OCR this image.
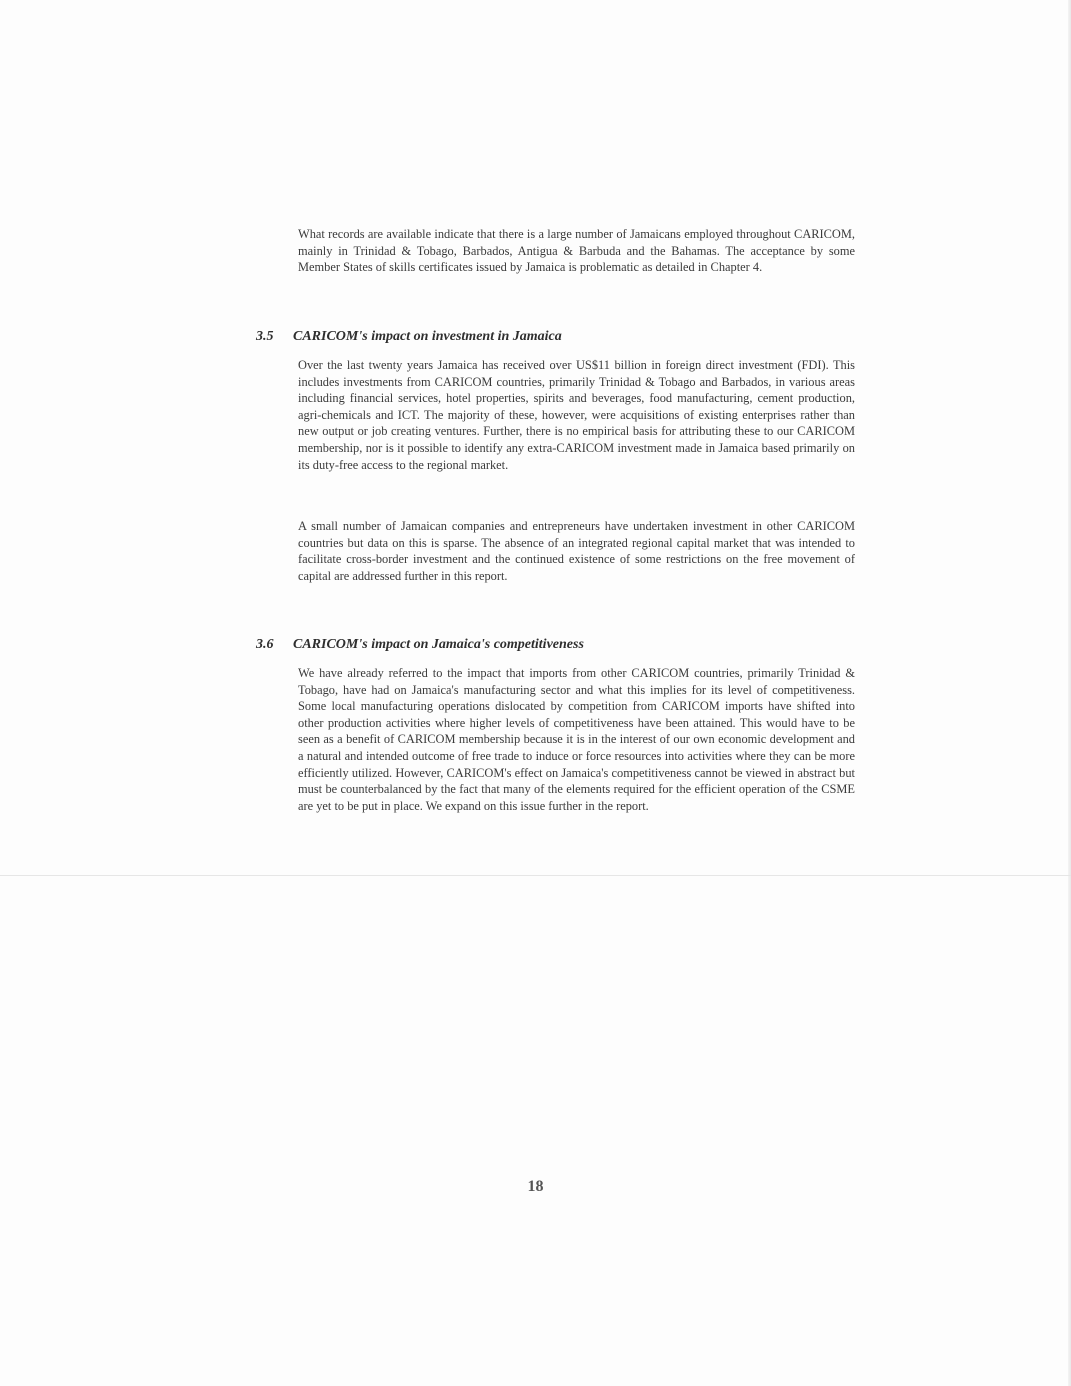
What records are available indicate that there is a large number of Jamaicans employed throughout CARICOM, mainly in Trinidad & Tobago, Barbados, Antigua & Barbuda and the Bahamas. The acceptance by some Member States of skills certificates issued by Jamaica is problematic as detailed in Chapter 4.

3.5 CARICOM's impact on investment in Jamaica

Over the last twenty years Jamaica has received over US$11 billion in foreign direct investment (FDI). This includes investments from CARICOM countries, primarily Trinidad & Tobago and Barbados, in various areas including financial services, hotel properties, spirits and beverages, food manufacturing, cement production, agri-chemicals and ICT. The majority of these, however, were acquisitions of existing enterprises rather than new output or job creating ventures. Further, there is no empirical basis for attributing these to our CARICOM membership, nor is it possible to identify any extra-CARICOM investment made in Jamaica based primarily on its duty-free access to the regional market.

A small number of Jamaican companies and entrepreneurs have undertaken investment in other CARICOM countries but data on this is sparse. The absence of an integrated regional capital market that was intended to facilitate cross-border investment and the continued existence of some restrictions on the free movement of capital are addressed further in this report.

3.6 CARICOM's impact on Jamaica's competitiveness

We have already referred to the impact that imports from other CARICOM countries, primarily Trinidad & Tobago, have had on Jamaica's manufacturing sector and what this implies for its level of competitiveness. Some local manufacturing operations dislocated by competition from CARICOM imports have shifted into other production activities where higher levels of competitiveness have been attained. This would have to be seen as a benefit of CARICOM membership because it is in the interest of our own economic development and a natural and intended outcome of free trade to induce or force resources into activities where they can be more efficiently utilized. However, CARICOM's effect on Jamaica's competitiveness cannot be viewed in abstract but must be counterbalanced by the fact that many of the elements required for the efficient operation of the CSME are yet to be put in place. We expand on this issue further in the report.

18
